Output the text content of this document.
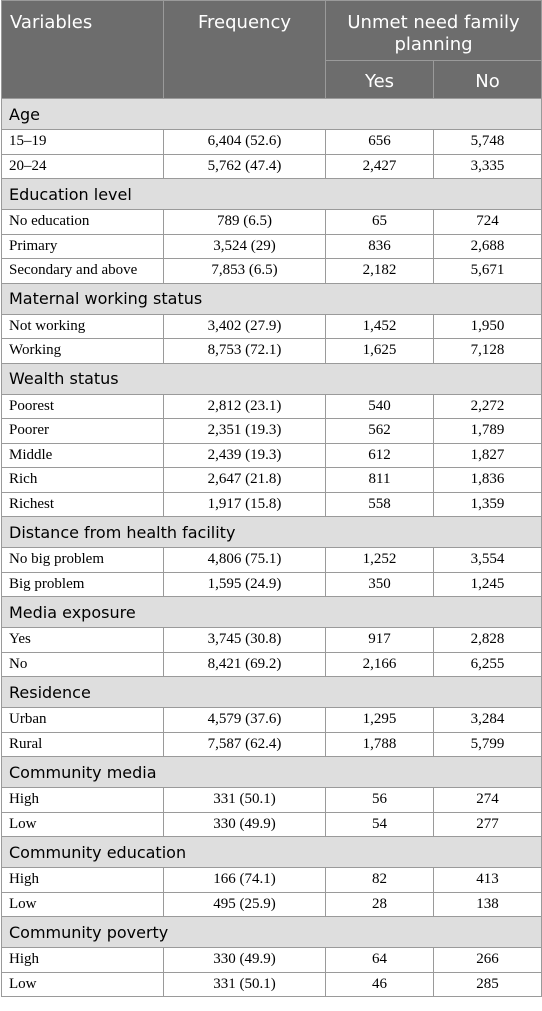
Variables	Frequency	Unmet need family planning	
		Yes	No
Age			
15–19	6,404 (52.6)	656	5,748
20–24	5,762 (47.4)	2,427	3,335
Education level			
No education	789 (6.5)	65	724
Primary	3,524 (29)	836	2,688
Secondary and above	7,853 (6.5)	2,182	5,671
Maternal working status			
Not working	3,402 (27.9)	1,452	1,950
Working	8,753 (72.1)	1,625	7,128
Wealth status			
Poorest	2,812 (23.1)	540	2,272
Poorer	2,351 (19.3)	562	1,789
Middle	2,439 (19.3)	612	1,827
Rich	2,647 (21.8)	811	1,836
Richest	1,917 (15.8)	558	1,359
Distance from health facility			
No big problem	4,806 (75.1)	1,252	3,554
Big problem	1,595 (24.9)	350	1,245
Media exposure			
Yes	3,745 (30.8)	917	2,828
No	8,421 (69.2)	2,166	6,255
Residence			
Urban	4,579 (37.6)	1,295	3,284
Rural	7,587 (62.4)	1,788	5,799
Community media			
High	331 (50.1)	56	274
Low	330 (49.9)	54	277
Community education			
High	166 (74.1)	82	413
Low	495 (25.9)	28	138
Community poverty			
High	330 (49.9)	64	266
Low	331 (50.1)	46	285
